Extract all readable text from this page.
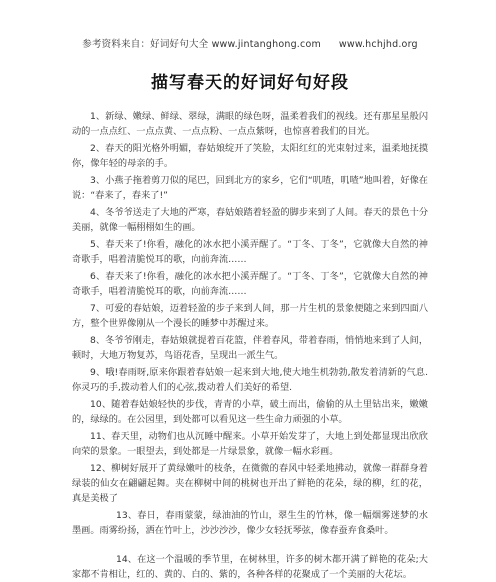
参考资料来自：好词好句大全 www.jintanghong.com www.hchjhd.org
描写春天的好词好句好段

1、新绿、嫩绿、鲜绿、翠绿，满眼的绿色呀，温柔着我们的视线。还有那星星般闪动的一点点红、一点点黄、一点点粉、一点点紫呀，也惊喜着我们的目光。

2、春天的阳光格外明媚，春姑娘绽开了笑脸，太阳红红的光束射过来，温柔地抚摸你，像年轻的母亲的手。

3、小燕子拖着剪刀似的尾巴，回到北方的家乡，它们“叽喳，叽喳”地叫着，好像在说：“春来了，春来了!”

4、冬爷爷送走了大地的严寒，春姑娘踏着轻盈的脚步来到了人间。春天的景色十分美丽，就像一幅栩栩如生的画。

5、春天来了!你看，融化的冰水把小溪弄醒了。“丁冬、丁冬”，它就像大自然的神奇歌手，唱着清脆悦耳的歌，向前奔流……

6、春天来了!你看，融化的冰水把小溪弄醒了。“丁冬、丁冬”，它就像大自然的神奇歌手，唱着清脆悦耳的歌，向前奔流……

7、可爱的春姑娘，迈着轻盈的步子来到人间，那一片生机的景象便随之来到四面八方，整个世界像刚从一个漫长的睡梦中苏醒过来。

8、冬爷爷刚走，春姑娘就提着百花篮，伴着春风，带着春雨，悄悄地来到了人间，顿时，大地万物复苏，鸟语花香，呈现出一派生气。

9、哦!春雨呀,原来你跟着春姑娘一起来到大地,使大地生机勃勃,散发着清新的气息.你灵巧的手,拨动着人们的心弦,拨动着人们美好的希望.

10、随着春姑娘轻快的步伐，青青的小草，破土而出，偷偷的从土里钻出来，嫩嫩的，绿绿的。在公园里，到处都可以看见这一些生命力顽强的小草。

11、春天里，动物们也从沉睡中醒来。小草开始发芽了，大地上到处都显现出欣欣向荣的景象。一眼望去，到处都是一片绿景象，就像一幅水彩画。

12、柳树好展开了黄绿嫩叶的枝条，在微微的春风中轻柔地拂动，就像一群群身着绿装的仙女在翩翩起舞。夹在柳树中间的桃树也开出了鲜艳的花朵，绿的柳，红的花，真是美极了

13、春日，春雨蒙蒙，绿油油的竹山，翠生生的竹林，像一幅烟雾迷梦的水墨画。雨雾纷扬，洒在竹叶上，沙沙沙沙，像少女轻抚琴弦，像春蚕弃食桑叶。

14、在这一个温暖的季节里，在树林里，许多的树木都开满了鲜艳的花朵;大家都不肯相让，红的、黄的、白的、紫的，各种各样的花聚成了一个美丽的大花坛。
